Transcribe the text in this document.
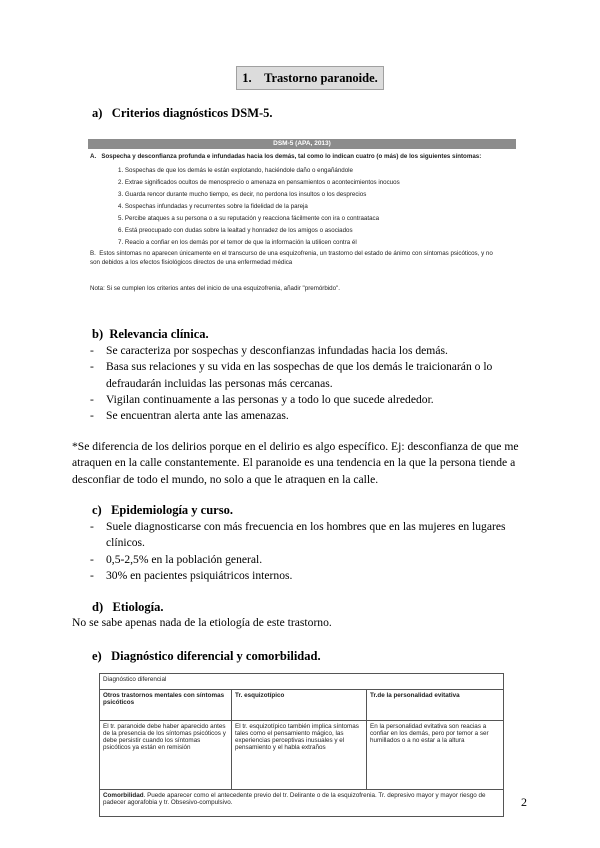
1.    Trastorno paranoide.
a)   Criterios diagnósticos DSM-5.
DSM-5 (APA, 2013)
A.   Sospecha y desconfianza profunda e infundadas hacia los demás, tal como lo indican cuatro (o más) de los siguientes síntomas:
1. Sospechas de que los demás le están explotando, haciéndole daño o engañándole
2. Extrae significados ocultos de menosprecio o amenaza en pensamientos o acontecimientos inocuos
3. Guarda rencor durante mucho tiempo, es decir, no perdona los insultos o los desprecios
4. Sospechas infundadas y recurrentes sobre la fidelidad de la pareja
5. Percibe ataques a su persona o a su reputación y reacciona fácilmente con ira o contraataca
6. Está preocupado con dudas sobre la lealtad y honradez de los amigos o asociados
7. Reacio a confiar en los demás por el temor de que la información la utilicen contra él
B.  Estos síntomas no aparecen únicamente en el transcurso de una esquizofrenia, un trastorno del estado de ánimo con síntomas psicóticos, y no
son debidos a los efectos fisiológicos directos de una enfermedad médica
Nota: Si se cumplen los criterios antes del inicio de una esquizofrenia, añadir "premórbido".
b)  Relevancia clínica.
- Se caracteriza por sospechas y desconfianzas infundadas hacia los demás.
- Basa sus relaciones y su vida en las sospechas de que los demás le traicionarán o lo defraudarán incluidas las personas más cercanas.
- Vigilan continuamente a las personas y a todo lo que sucede alrededor.
- Se encuentran alerta ante las amenazas.
*Se diferencia de los delirios porque en el delirio es algo específico. Ej: desconfianza de que me atraquen en la calle constantemente. El paranoide es una tendencia en la que la persona tiende a desconfiar de todo el mundo, no solo a que le atraquen en la calle.
c)   Epidemiología y curso.
- Suele diagnosticarse con más frecuencia en los hombres que en las mujeres en lugares clínicos.
- 0,5-2,5% en la población general.
- 30% en pacientes psiquiátricos internos.
d)   Etiología.
No se sabe apenas nada de la etiología de este trastorno.
e)   Diagnóstico diferencial y comorbilidad.
Diagnóstico diferencial		
Otros trastornos mentales con síntomas psicóticos	Tr. esquizotípico	Tr.de la personalidad evitativa
El tr. paranoide debe haber aparecido antes de la presencia de los síntomas psicóticos y debe persistir cuando los síntomas psicóticos ya están en remisión	El tr. esquizotípico también implica síntomas tales como el pensamiento mágico, las experiencias perceptivas inusuales y el pensamiento y el habla extraños	En la personalidad evitativa son reacias a confiar en los demás, pero por temor a ser humillados o a no estar a la altura
Comorbilidad. Puede aparecer como el antecedente previo del tr. Delirante o de la esquizofrenia. Tr. depresivo mayor y mayor riesgo de padecer agorafobia y tr. Obsesivo-compulsivo.			2
